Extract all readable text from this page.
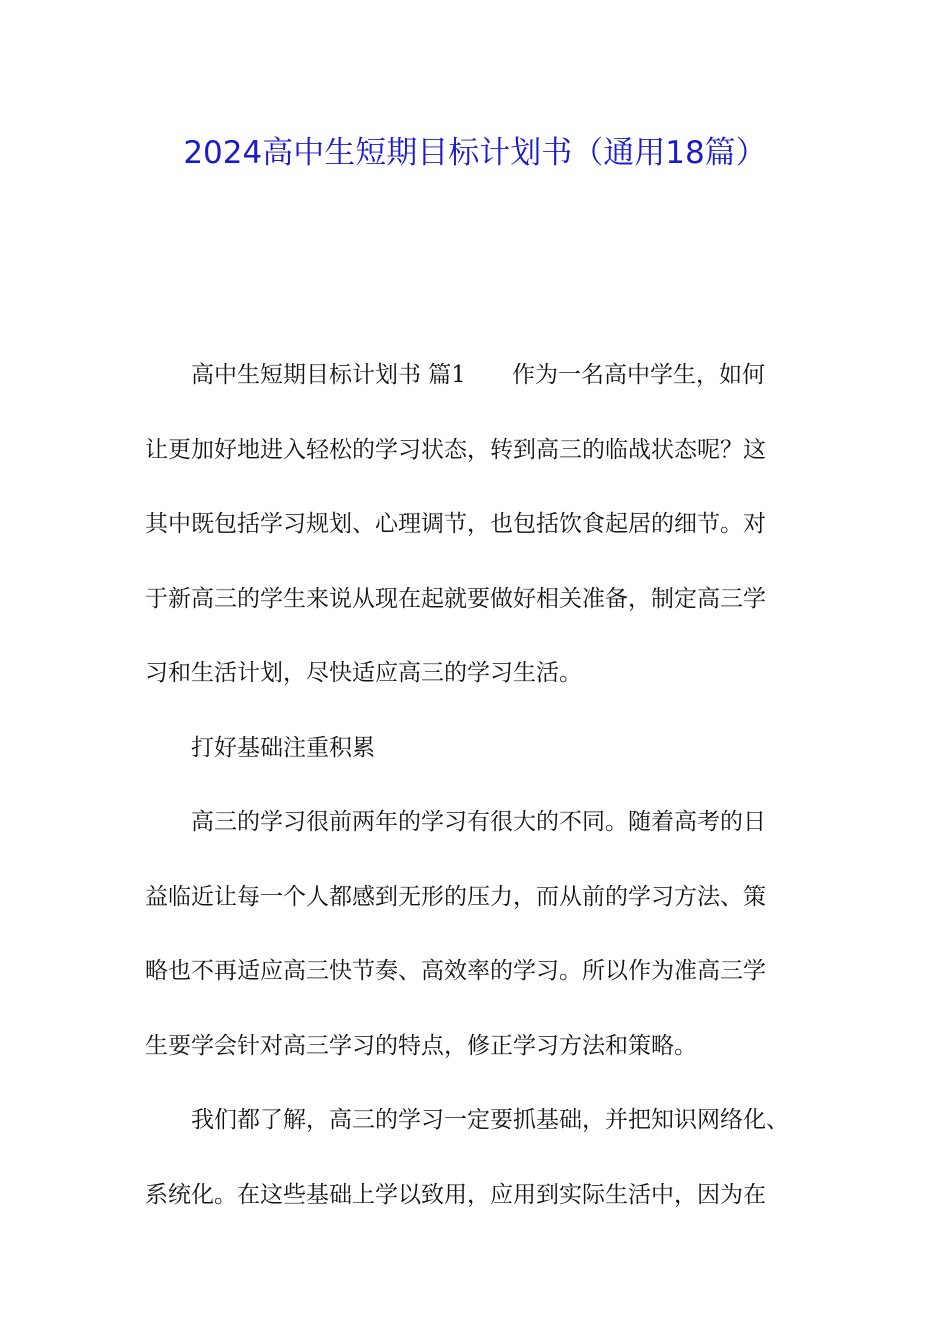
2024高中生短期目标计划书（通用18篇）
高中生短期目标计划书 篇1 作为一名高中学生，如何
让更加好地进入轻松的学习状态，转到高三的临战状态呢？这
其中既包括学习规划、心理调节，也包括饮食起居的细节。对
于新高三的学生来说从现在起就要做好相关准备，制定高三学
习和生活计划，尽快适应高三的学习生活。
打好基础注重积累
高三的学习很前两年的学习有很大的不同。随着高考的日
益临近让每一个人都感到无形的压力，而从前的学习方法、策
略也不再适应高三快节奏、高效率的学习。所以作为准高三学
生要学会针对高三学习的特点，修正学习方法和策略。
我们都了解，高三的学习一定要抓基础，并把知识网络化、
系统化。在这些基础上学以致用，应用到实际生活中，因为在
